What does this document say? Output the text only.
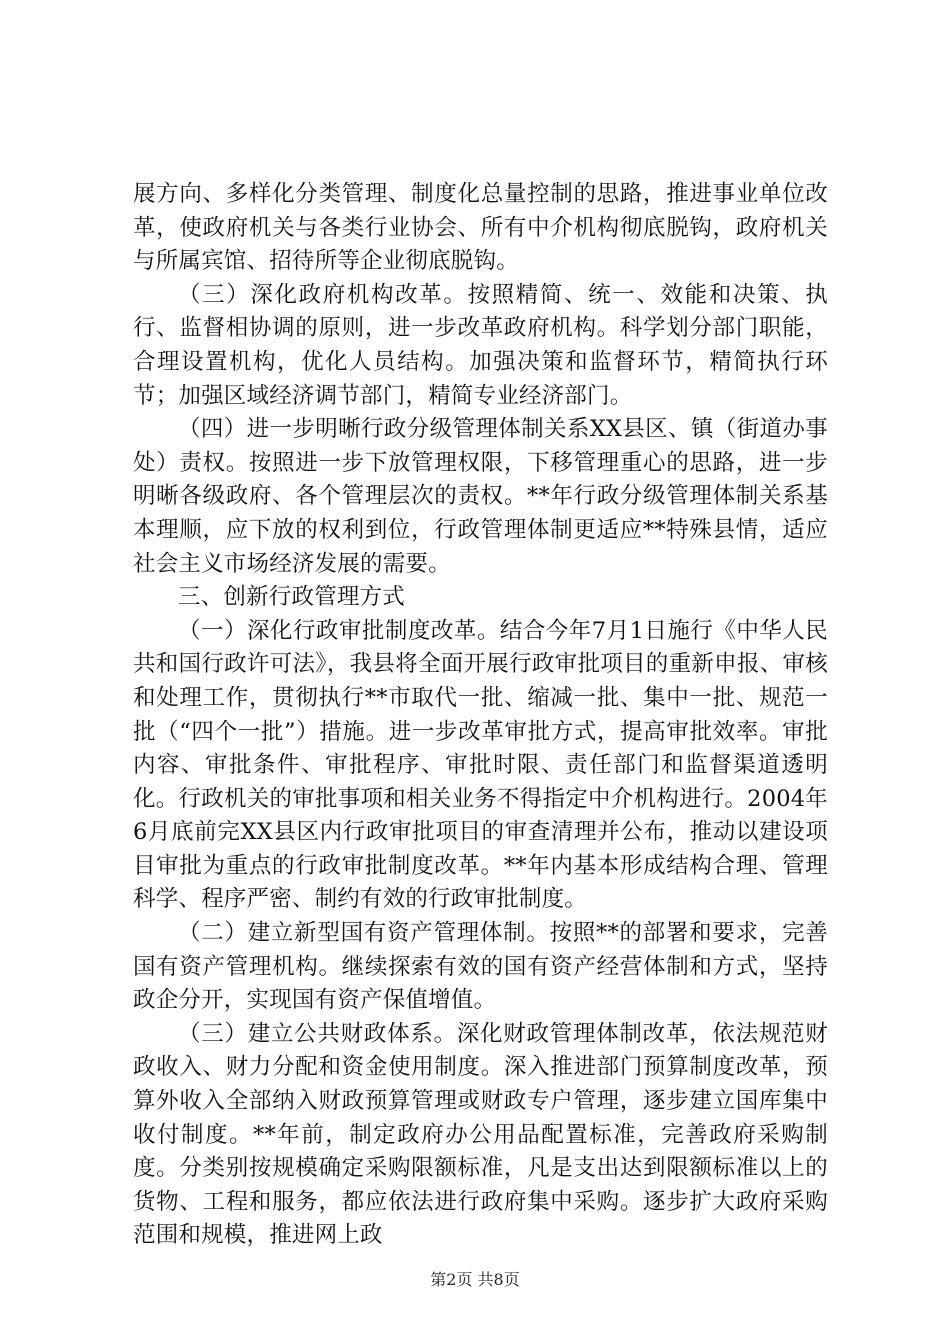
展方向、多样化分类管理、制度化总量控制的思路，推进事业单位改革，使政府机关与各类行业协会、所有中介机构彻底脱钩，政府机关与所属宾馆、招待所等企业彻底脱钩。

（三）深化政府机构改革。按照精简、统一、效能和决策、执行、监督相协调的原则，进一步改革政府机构。科学划分部门职能，合理设置机构，优化人员结构。加强决策和监督环节，精简执行环节；加强区域经济调节部门，精简专业经济部门。

（四）进一步明晰行政分级管理体制关系XX县区、镇（街道办事处）责权。按照进一步下放管理权限，下移管理重心的思路，进一步明晰各级政府、各个管理层次的责权。**年行政分级管理体制关系基本理顺，应下放的权利到位，行政管理体制更适应**特殊县情，适应社会主义市场经济发展的需要。

三、创新行政管理方式

（一）深化行政审批制度改革。结合今年7月1日施行《中华人民共和国行政许可法》，我县将全面开展行政审批项目的重新申报、审核和处理工作，贯彻执行**市取代一批、缩减一批、集中一批、规范一批（“四个一批”）措施。进一步改革审批方式，提高审批效率。审批内容、审批条件、审批程序、审批时限、责任部门和监督渠道透明化。行政机关的审批事项和相关业务不得指定中介机构进行。2004年6月底前完XX县区内行政审批项目的审查清理并公布，推动以建设项目审批为重点的行政审批制度改革。**年内基本形成结构合理、管理科学、程序严密、制约有效的行政审批制度。

（二）建立新型国有资产管理体制。按照**的部署和要求，完善国有资产管理机构。继续探索有效的国有资产经营体制和方式，坚持政企分开，实现国有资产保值增值。

（三）建立公共财政体系。深化财政管理体制改革，依法规范财政收入、财力分配和资金使用制度。深入推进部门预算制度改革，预算外收入全部纳入财政预算管理或财政专户管理，逐步建立国库集中收付制度。**年前，制定政府办公用品配置标准，完善政府采购制度。分类别按规模确定采购限额标准，凡是支出达到限额标准以上的货物、工程和服务，都应依法进行政府集中采购。逐步扩大政府采购范围和规模，推进网上政

第2页 共8页
